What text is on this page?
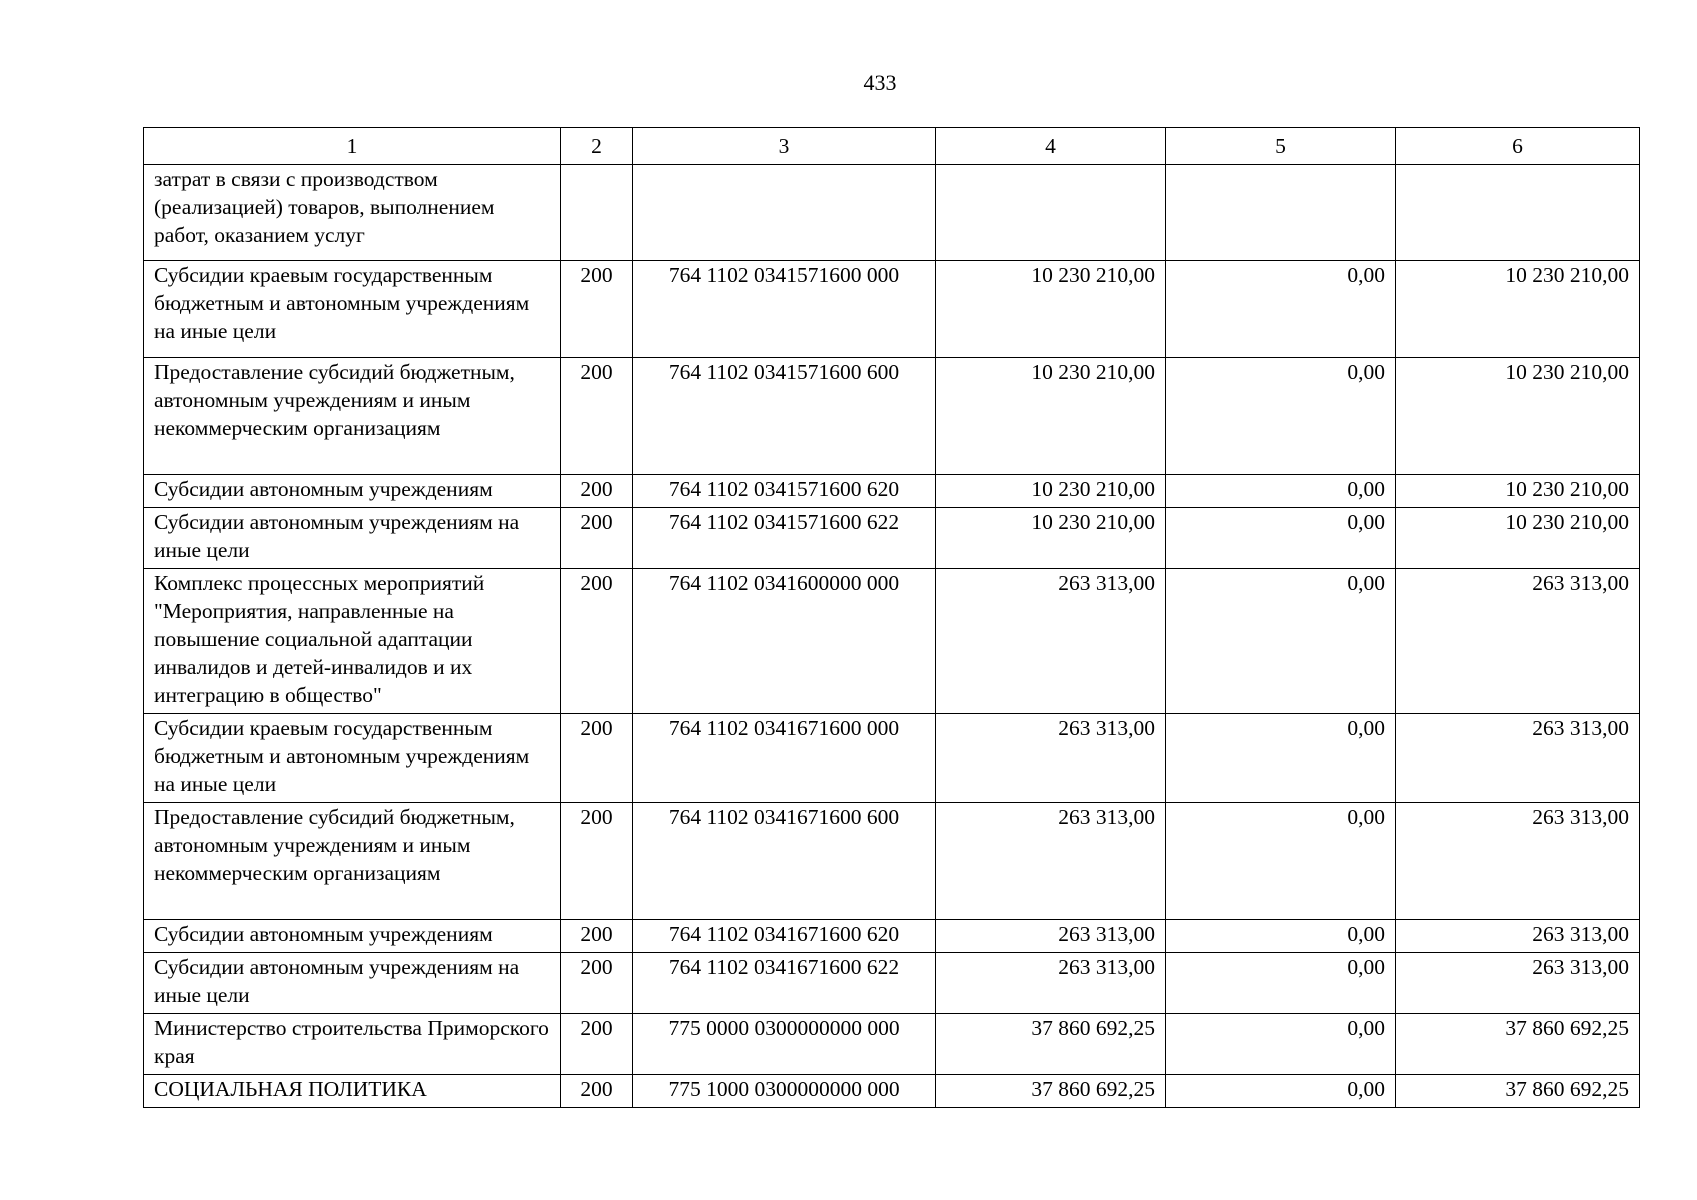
433
1	2	3	4	5	6
затрат в связи с производством (реализацией) товаров, выполнением работ, оказанием услуг					
Субсидии краевым государственным бюджетным и автономным учреждениям на иные цели	200	764 1102 0341571600 000	10 230 210,00	0,00	10 230 210,00
Предоставление субсидий бюджетным, автономным учреждениям и иным некоммерческим организациям	200	764 1102 0341571600 600	10 230 210,00	0,00	10 230 210,00
Субсидии автономным учреждениям	200	764 1102 0341571600 620	10 230 210,00	0,00	10 230 210,00
Субсидии автономным учреждениям на иные цели	200	764 1102 0341571600 622	10 230 210,00	0,00	10 230 210,00
Комплекс процессных мероприятий "Мероприятия, направленные на повышение социальной адаптации инвалидов и детей-инвалидов и их интеграцию в общество"	200	764 1102 0341600000 000	263 313,00	0,00	263 313,00
Субсидии краевым государственным бюджетным и автономным учреждениям на иные цели	200	764 1102 0341671600 000	263 313,00	0,00	263 313,00
Предоставление субсидий бюджетным, автономным учреждениям и иным некоммерческим организациям	200	764 1102 0341671600 600	263 313,00	0,00	263 313,00
Субсидии автономным учреждениям	200	764 1102 0341671600 620	263 313,00	0,00	263 313,00
Субсидии автономным учреждениям на иные цели	200	764 1102 0341671600 622	263 313,00	0,00	263 313,00
Министерство строительства Приморского края	200	775 0000 0300000000 000	37 860 692,25	0,00	37 860 692,25
СОЦИАЛЬНАЯ ПОЛИТИКА	200	775 1000 0300000000 000	37 860 692,25	0,00	37 860 692,25
